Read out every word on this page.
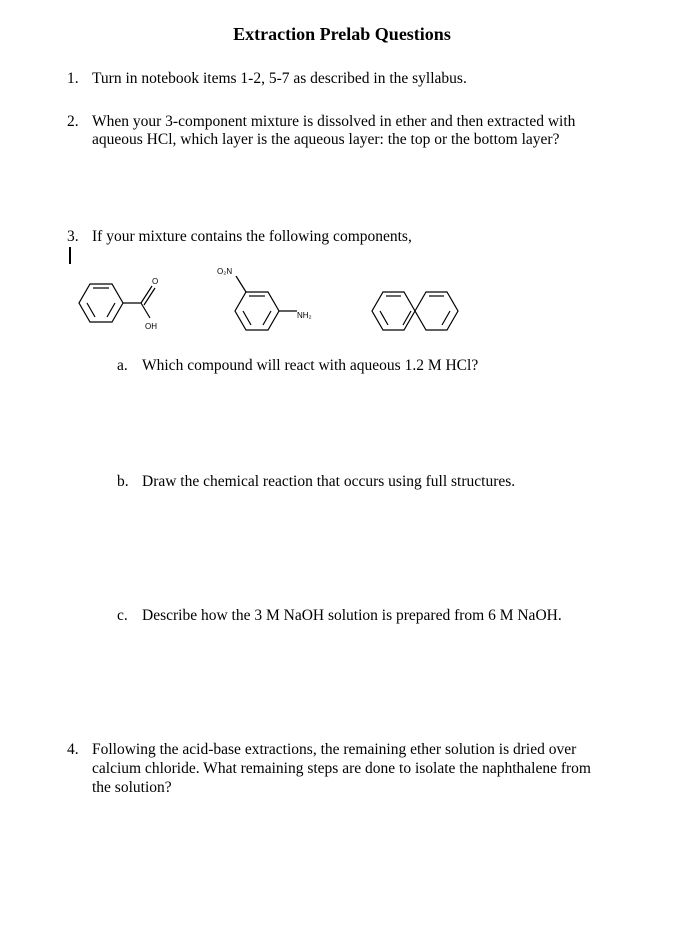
Extraction Prelab Questions
1. Turn in notebook items 1-2, 5-7 as described in the syllabus.
2. When your 3-component mixture is dissolved in ether and then extracted with
aqueous HCl, which layer is the aqueous layer: the top or the bottom layer?
3. If your mixture contains the following components,
O
OH
O₂N
NH₂
a. Which compound will react with aqueous 1.2 M HCl?
b. Draw the chemical reaction that occurs using full structures.
c. Describe how the 3 M NaOH solution is prepared from 6 M NaOH.
4. Following the acid-base extractions, the remaining ether solution is dried over
calcium chloride. What remaining steps are done to isolate the naphthalene from
the solution?
